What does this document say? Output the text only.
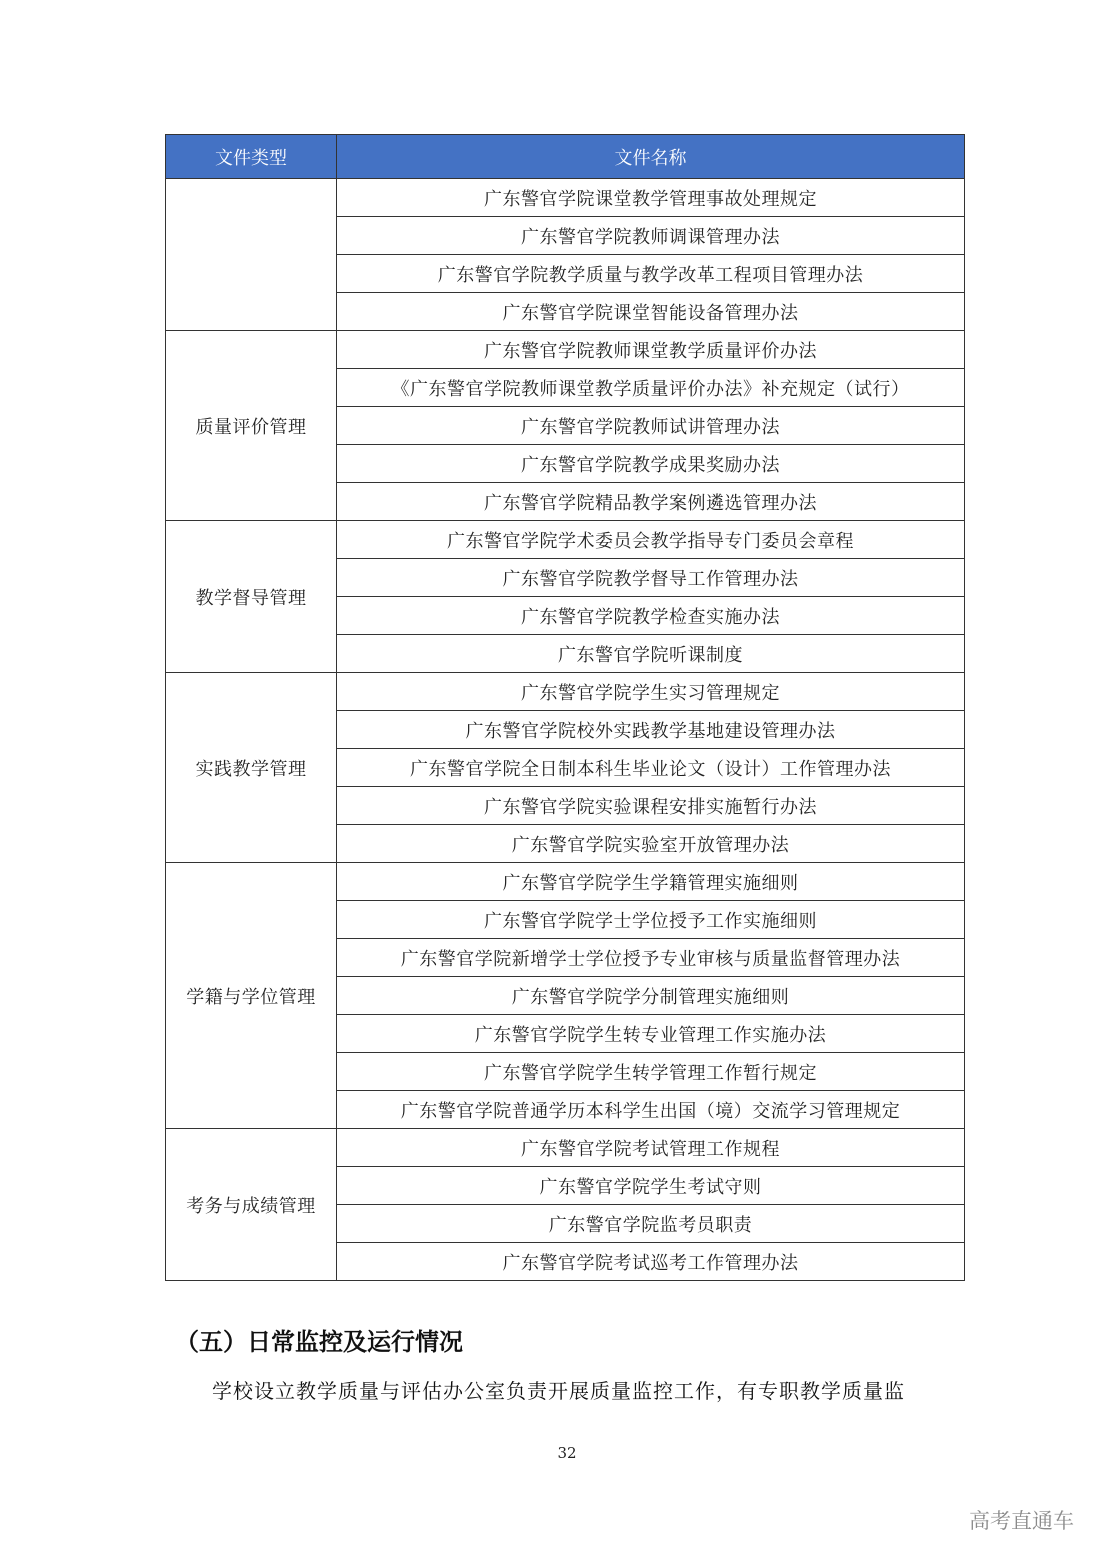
文件类型	文件名称
	广东警官学院课堂教学管理事故处理规定
	广东警官学院教师调课管理办法
	广东警官学院教学质量与教学改革工程项目管理办法
	广东警官学院课堂智能设备管理办法
质量评价管理	广东警官学院教师课堂教学质量评价办法
	《广东警官学院教师课堂教学质量评价办法》补充规定（试行）
	广东警官学院教师试讲管理办法
	广东警官学院教学成果奖励办法
	广东警官学院精品教学案例遴选管理办法
教学督导管理	广东警官学院学术委员会教学指导专门委员会章程
	广东警官学院教学督导工作管理办法
	广东警官学院教学检查实施办法
	广东警官学院听课制度
实践教学管理	广东警官学院学生实习管理规定
	广东警官学院校外实践教学基地建设管理办法
	广东警官学院全日制本科生毕业论文（设计）工作管理办法
	广东警官学院实验课程安排实施暂行办法
	广东警官学院实验室开放管理办法
学籍与学位管理	广东警官学院学生学籍管理实施细则
	广东警官学院学士学位授予工作实施细则
	广东警官学院新增学士学位授予专业审核与质量监督管理办法
	广东警官学院学分制管理实施细则
	广东警官学院学生转专业管理工作实施办法
	广东警官学院学生转学管理工作暂行规定
	广东警官学院普通学历本科学生出国（境）交流学习管理规定
考务与成绩管理	广东警官学院考试管理工作规程
	广东警官学院学生考试守则
	广东警官学院监考员职责
	广东警官学院考试巡考工作管理办法
（五）日常监控及运行情况

学校设立教学质量与评估办公室负责开展质量监控工作，有专职教学质量监

32
高考直通车
